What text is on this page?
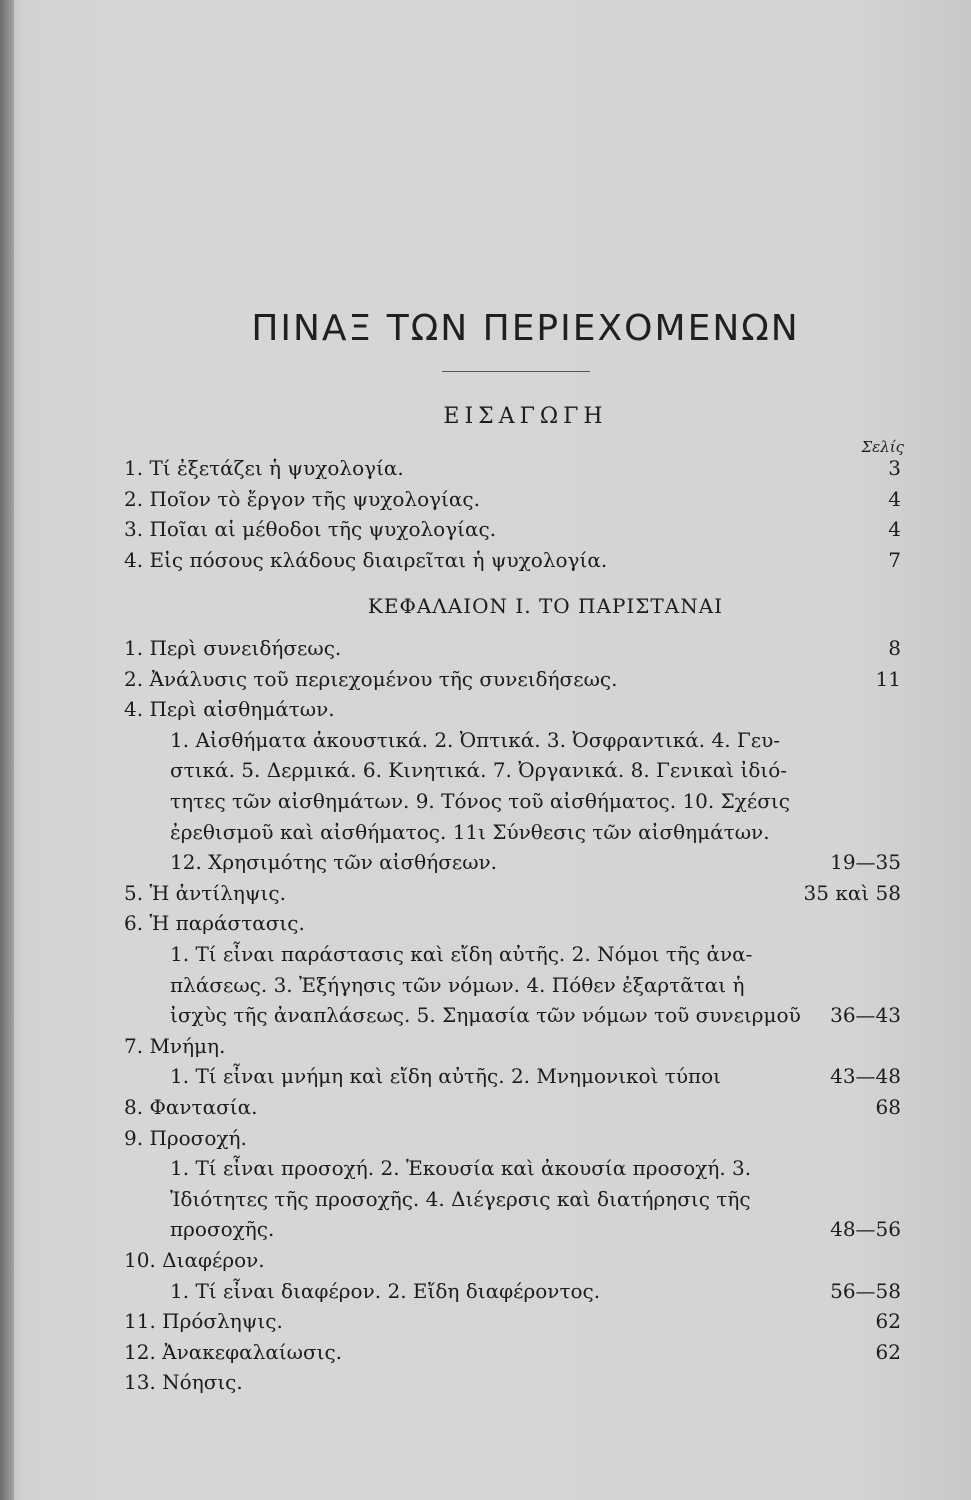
ΠΙΝΑΞ ΤΩΝ ΠΕΡΙΕΧΟΜΕΝΩΝ
ΕΙΣΑΓΩΓΗ
Σελίς
1. Τί ἐξετάζει ἡ ψυχολογία.	3
2. Ποῖον τὸ ἔργον τῆς ψυχολογίας.	4
3. Ποῖαι αἱ μέθοδοι τῆς ψυχολογίας.	4
4. Εἰς πόσους κλάδους διαιρεῖται ἡ ψυχολογία.	7
ΚΕΦΑΛΑΙΟΝ Ι. ΤΟ ΠΑΡΙΣΤΑΝΑΙ
1. Περὶ συνειδήσεως.	8
2. Ἀνάλυσις τοῦ περιεχομένου τῆς συνειδήσεως.	11
4. Περὶ αἰσθημάτων.
1. Αἰσθήματα ἀκουστικά. 2. Ὀπτικά. 3. Ὀσφραντικά. 4. Γευ-
στικά. 5. Δερμικά. 6. Κινητικά. 7. Ὀργανικά. 8. Γενικαὶ ἰδιό-
τητες τῶν αἰσθημάτων. 9. Τόνος τοῦ αἰσθήματος. 10. Σχέσις
ἐρεθισμοῦ καὶ αἰσθήματος. 11ι Σύνθεσις τῶν αἰσθημάτων.
12. Χρησιμότης τῶν αἰσθήσεων.	19—35
5. Ἡ ἀντίληψις.	35 καὶ 58
6. Ἡ παράστασις.
1. Τί εἶναι παράστασις καὶ εἴδη αὐτῆς. 2. Νόμοι τῆς ἀνα-
πλάσεως. 3. Ἐξήγησις τῶν νόμων. 4. Πόθεν ἐξαρτᾶται ἡ
ἰσχὺς τῆς ἀναπλάσεως. 5. Σημασία τῶν νόμων τοῦ συνειρμοῦ 36—43
7. Μνήμη.
1. Τί εἶναι μνήμη καὶ εἴδη αὐτῆς. 2. Μνημονικοὶ τύποι	43—48
8. Φαντασία.	68
9. Προσοχή.
1. Τί εἶναι προσοχή. 2. Ἑκουσία καὶ ἀκουσία προσοχή. 3.
Ἰδιότητες τῆς προσοχῆς. 4. Διέγερσις καὶ διατήρησις τῆς
προσοχῆς.	48—56
10. Διαφέρον.
1. Τί εἶναι διαφέρον. 2. Εἴδη διαφέροντος.	56—58
11. Πρόσληψις.	62
12. Ἀνακεφαλαίωσις.	62
13. Νόησις.
